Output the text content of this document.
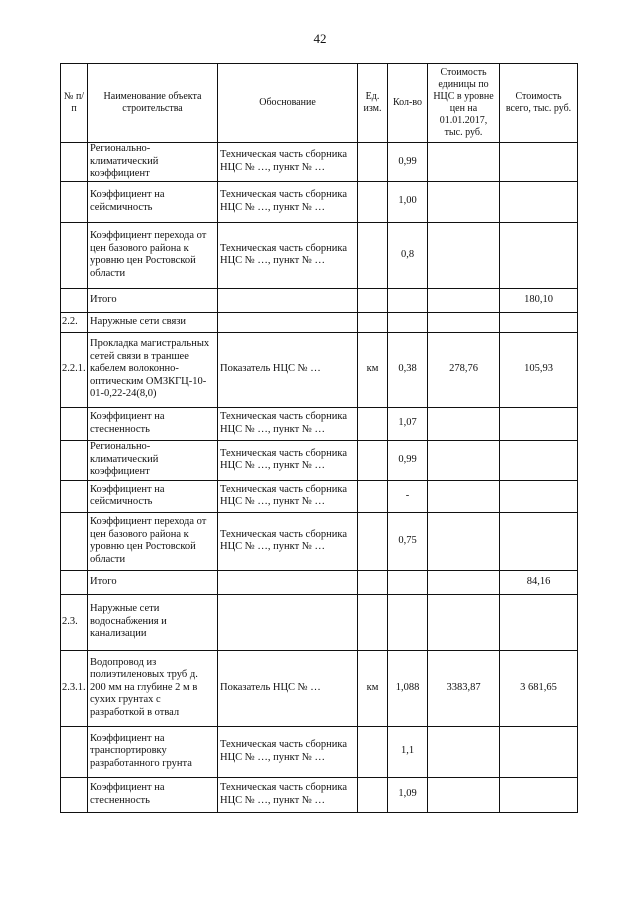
42
№ п/п	Наименование объекта строительства	Обоснование	Ед. изм.	Кол-во	Стоимость единицы по НЦС в уровне цен на 01.01.2017, тыс. руб.	Стоимость всего, тыс. руб.
	Регионально-климатический коэффициент	Техническая часть сборника НЦС № …, пункт № …		0,99		
	Коэффициент на сейсмичность	Техническая часть сборника НЦС № …, пункт № …		1,00		
	Коэффициент перехода от цен базового района к уровню цен Ростовской области	Техническая часть сборника НЦС № …, пункт № …		0,8		
	Итого					180,10
2.2.	Наружные сети связи					
2.2.1.	Прокладка магистральных сетей связи в траншее кабелем волоконно-оптическим ОМЗКГЦ-10-01-0,22-24(8,0)	Показатель НЦС № …	км	0,38	278,76	105,93
	Коэффициент на стесненность	Техническая часть сборника НЦС № …, пункт № …		1,07		
	Регионально-климатический коэффициент	Техническая часть сборника НЦС № …, пункт № …		0,99		
	Коэффициент на сейсмичность	Техническая часть сборника НЦС № …, пункт № …		-		
	Коэффициент перехода от цен базового района к уровню цен Ростовской области	Техническая часть сборника НЦС № …, пункт № …		0,75		
	Итого					84,16
2.3.	Наружные сети водоснабжения и канализации					
2.3.1.	Водопровод из полиэтиленовых труб д. 200 мм на глубине 2 м в сухих грунтах с разработкой в отвал	Показатель НЦС № …	км	1,088	3383,87	3 681,65
	Коэффициент на транспортировку разработанного грунта	Техническая часть сборника НЦС № …, пункт № …		1,1		
	Коэффициент на стесненность	Техническая часть сборника НЦС № …, пункт № …		1,09		
